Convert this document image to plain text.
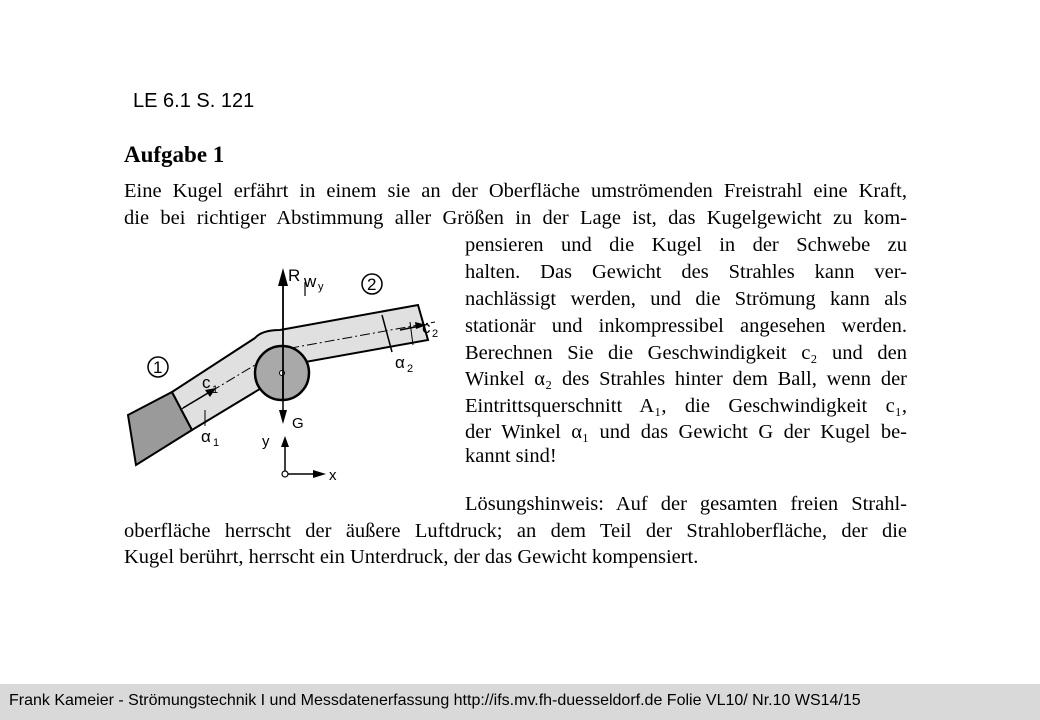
LE 6.1 S. 121
Aufgabe 1
Eine Kugel erfährt in einem sie an der Oberfläche umströmenden Freistrahl eine Kraft,
die bei richtiger Abstimmung aller Größen in der Lage ist, das Kugelgewicht zu kom-
pensieren und die Kugel in der Schwebe zu
halten. Das Gewicht des Strahles kann ver-
nachlässigt werden, und die Strömung kann als
stationär und inkompressibel angesehen werden.
Berechnen Sie die Geschwindigkeit c₂ und den
Winkel α₂ des Strahles hinter dem Ball, wenn der
Eintrittsquerschnitt A₁, die Geschwindigkeit c₁,
der Winkel α₁ und das Gewicht G der Kugel be-
kannt sind!
Lösungshinweis: Auf der gesamten freien Strahl-
oberfläche herrscht der äußere Luftdruck; an dem Teil der Strahloberfläche, der die
Kugel berührt, herrscht ein Unterdruck, der das Gewicht kompensiert.
R w y	2
1
c 1
c 2
α 1
α 2
G
y
x
Frank Kameier - Strömungstechnik I und Messdatenerfassung http://ifs.mv.fh-duesseldorf.de Folie VL10/ Nr.10 WS14/15
